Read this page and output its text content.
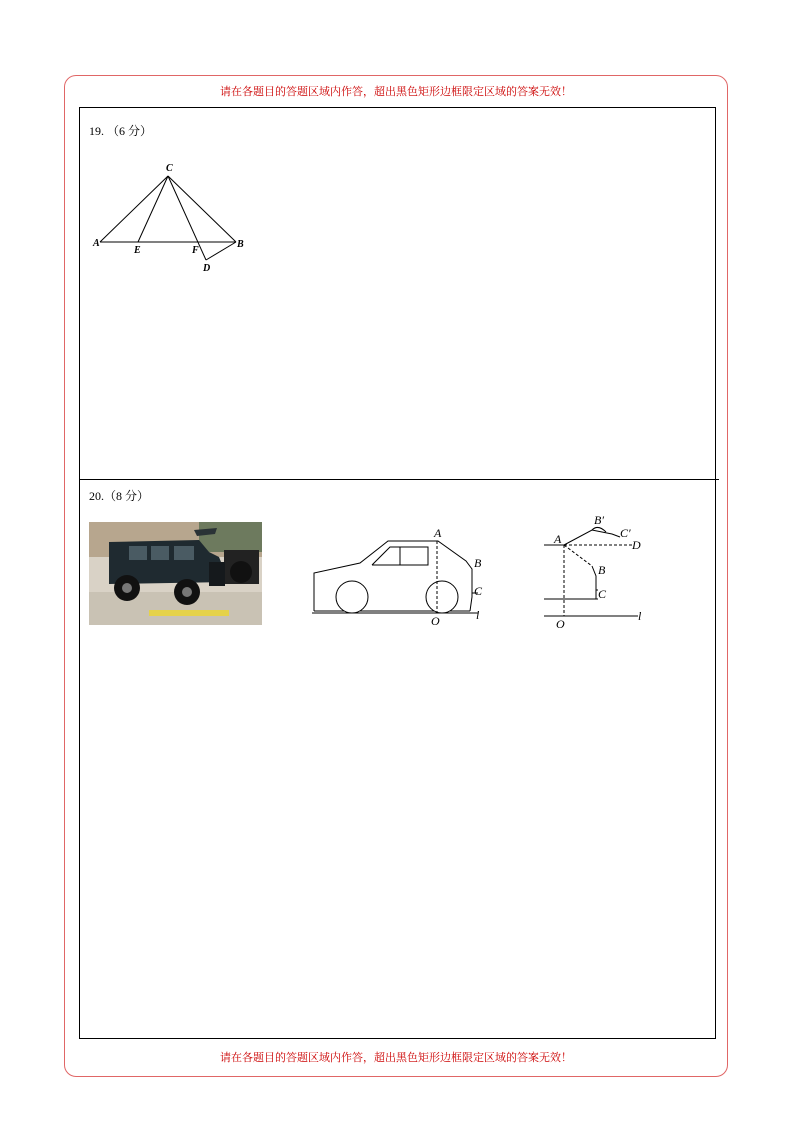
请在各题目的答题区域内作答，超出黑色矩形边框限定区域的答案无效！
请在各题目的答题区域内作答，超出黑色矩形边框限定区域的答案无效！
19. （6 分）
C
A
E	F
B
D
20.（8 分）
A
B
C
O	l
B′
C′
A	D
B
C
O
l
